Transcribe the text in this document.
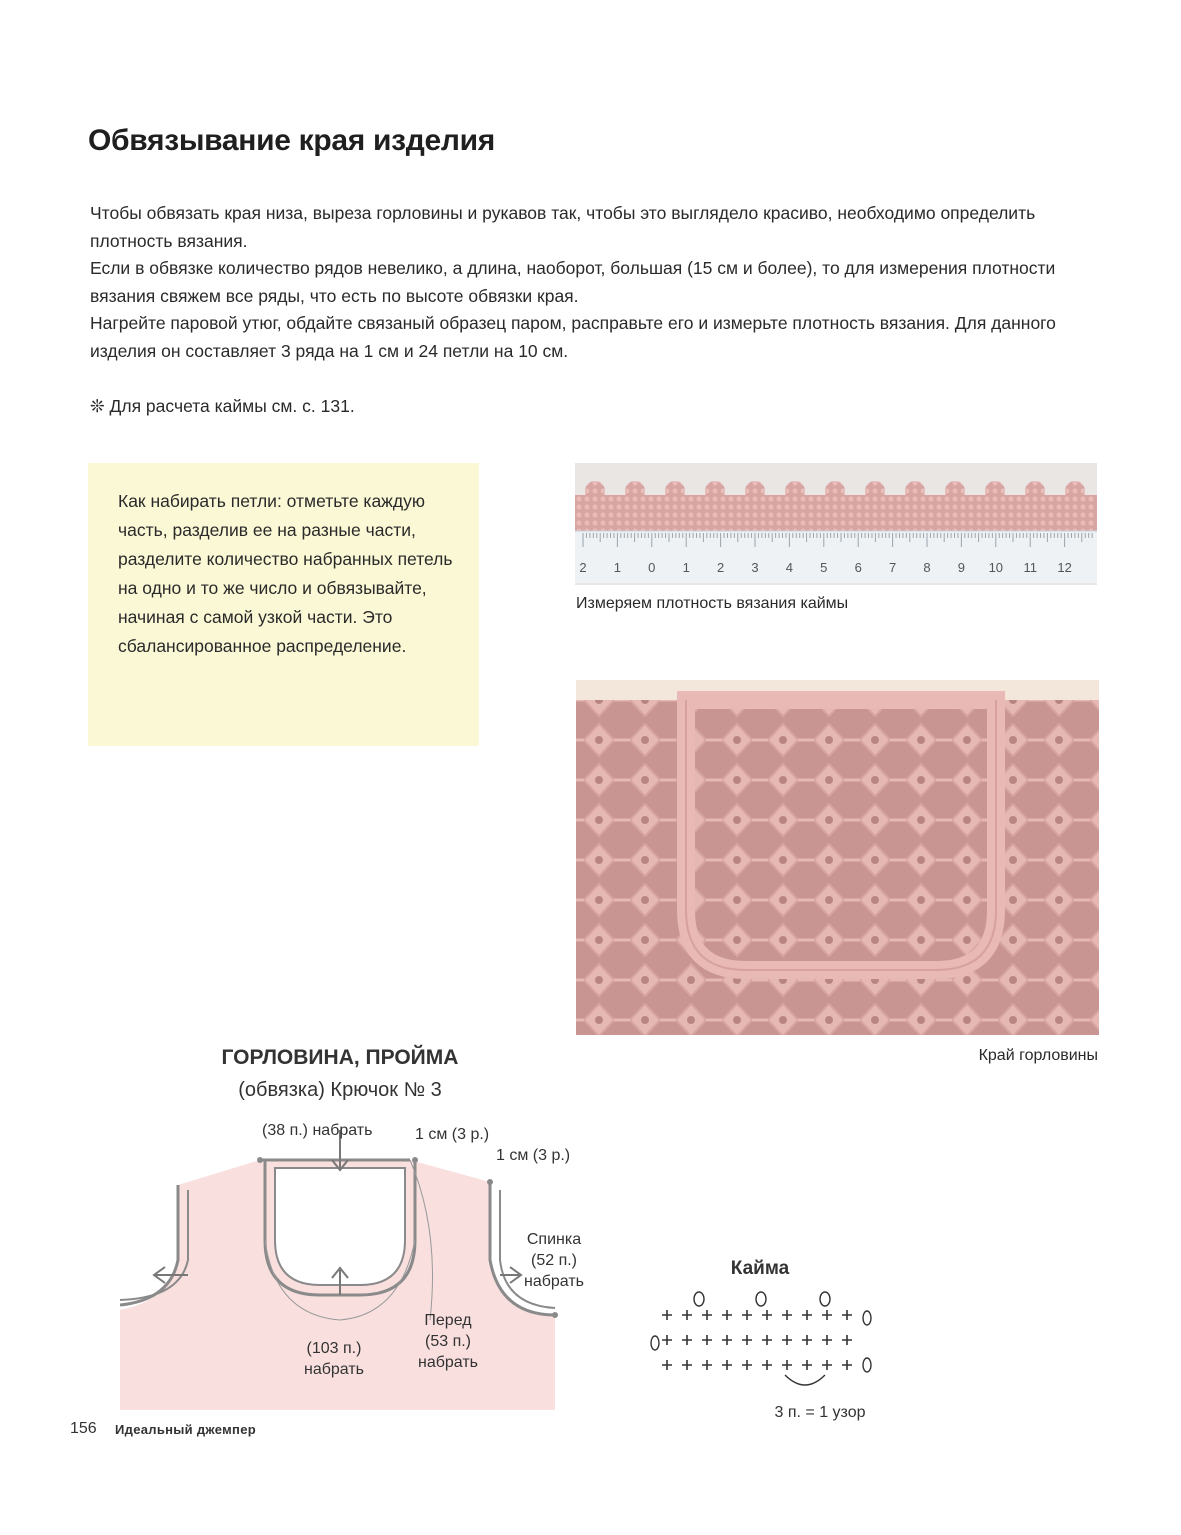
Обвязывание края изделия

Чтобы обвязать края низа, выреза горловины и рукавов так, чтобы это выглядело красиво, необходимо определить плотность вязания.

Если в обвязке количество рядов невелико, а длина, наоборот, большая (15 см и более), то для измерения плотности вязания свяжем все ряды, что есть по высоте обвязки края.

Нагрейте паровой утюг, обдайте связаный образец паром, расправьте его и измерьте плотность вязания. Для данного изделия он составляет 3 ряда на 1 см и 24 петли на 10 см.

❊ Для расчета каймы см. с. 131.
Как набирать петли: отметьте каждую часть, разделив ее на разные части, разделите количество набранных петель на одно и то же число и обвязывайте, начиная с самой узкой части. Это сбалансированное распределение.
2 1 0 1 2 3 4 5 6 7 8 9 10 11 12
Измеряем плотность вязания каймы
Край горловины
ГОРЛОВИНА, ПРОЙМА
(обвязка) Крючок № 3
(38 п.) набрать	1 см (3 р.)
1 см (3 р.)
Спинка
(52 п.)
набрать
(103 п.)
набрать
Перед
(53 п.)
набрать
Кайма
3 п. = 1 узор
156 Идеальный джемпер
